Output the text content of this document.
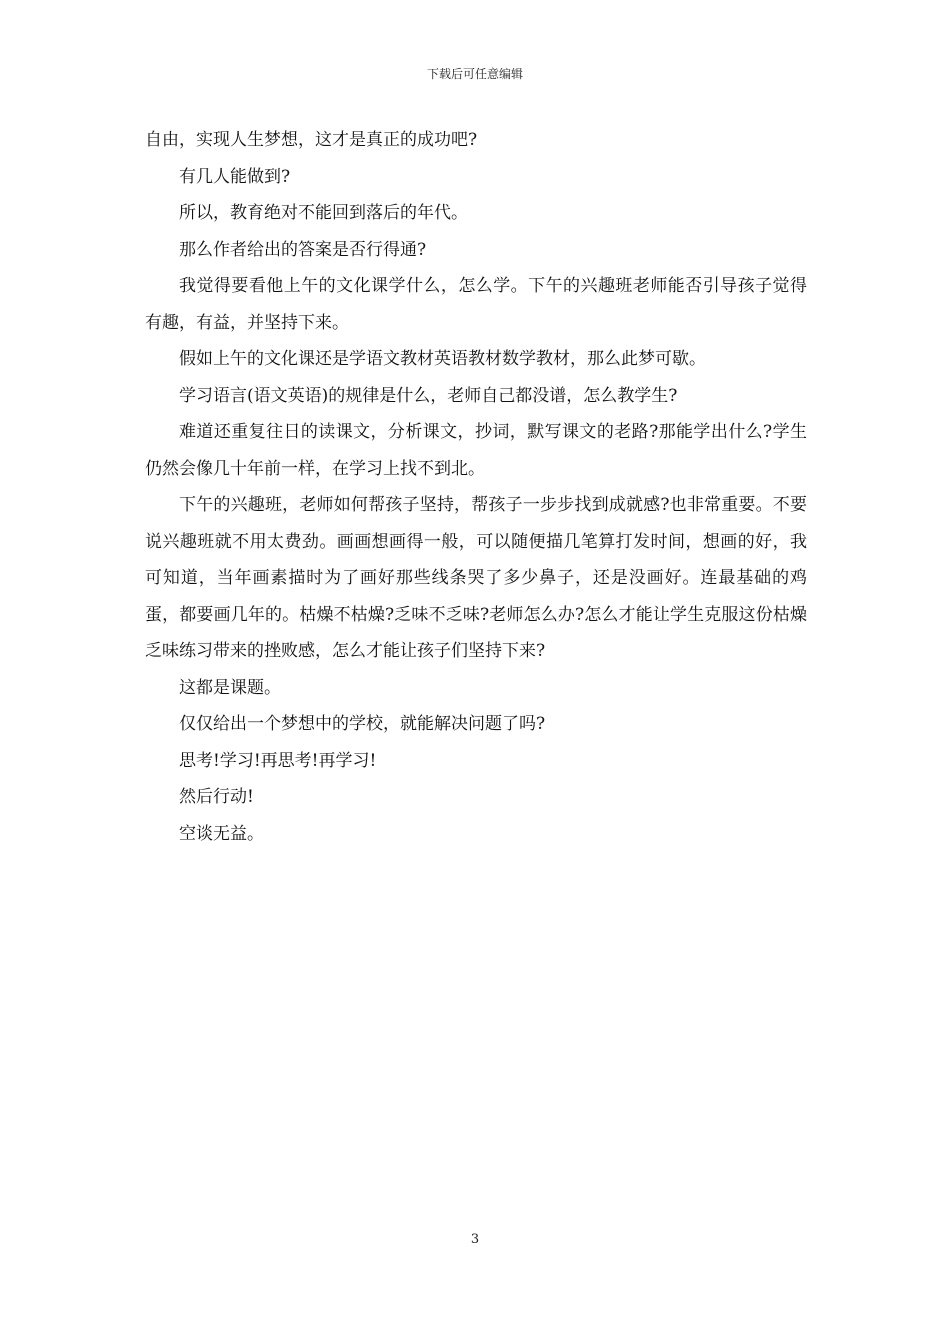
下载后可任意编辑

自由，实现人生梦想，这才是真正的成功吧?

有几人能做到?

所以，教育绝对不能回到落后的年代。

那么作者给出的答案是否行得通?

我觉得要看他上午的文化课学什么，怎么学。下午的兴趣班老师能否引导孩子觉得有趣，有益，并坚持下来。

假如上午的文化课还是学语文教材英语教材数学教材，那么此梦可歇。

学习语言(语文英语)的规律是什么，老师自己都没谱，怎么教学生?

难道还重复往日的读课文，分析课文，抄词，默写课文的老路?那能学出什么?学生仍然会像几十年前一样，在学习上找不到北。

下午的兴趣班，老师如何帮孩子坚持，帮孩子一步步找到成就感?也非常重要。不要说兴趣班就不用太费劲。画画想画得一般，可以随便描几笔算打发时间，想画的好，我可知道，当年画素描时为了画好那些线条哭了多少鼻子，还是没画好。连最基础的鸡蛋，都要画几年的。枯燥不枯燥?乏味不乏味?老师怎么办?怎么才能让学生克服这份枯燥乏味练习带来的挫败感，怎么才能让孩子们坚持下来?

这都是课题。

仅仅给出一个梦想中的学校，就能解决问题了吗?

思考!学习!再思考!再学习!

然后行动!

空谈无益。

3
